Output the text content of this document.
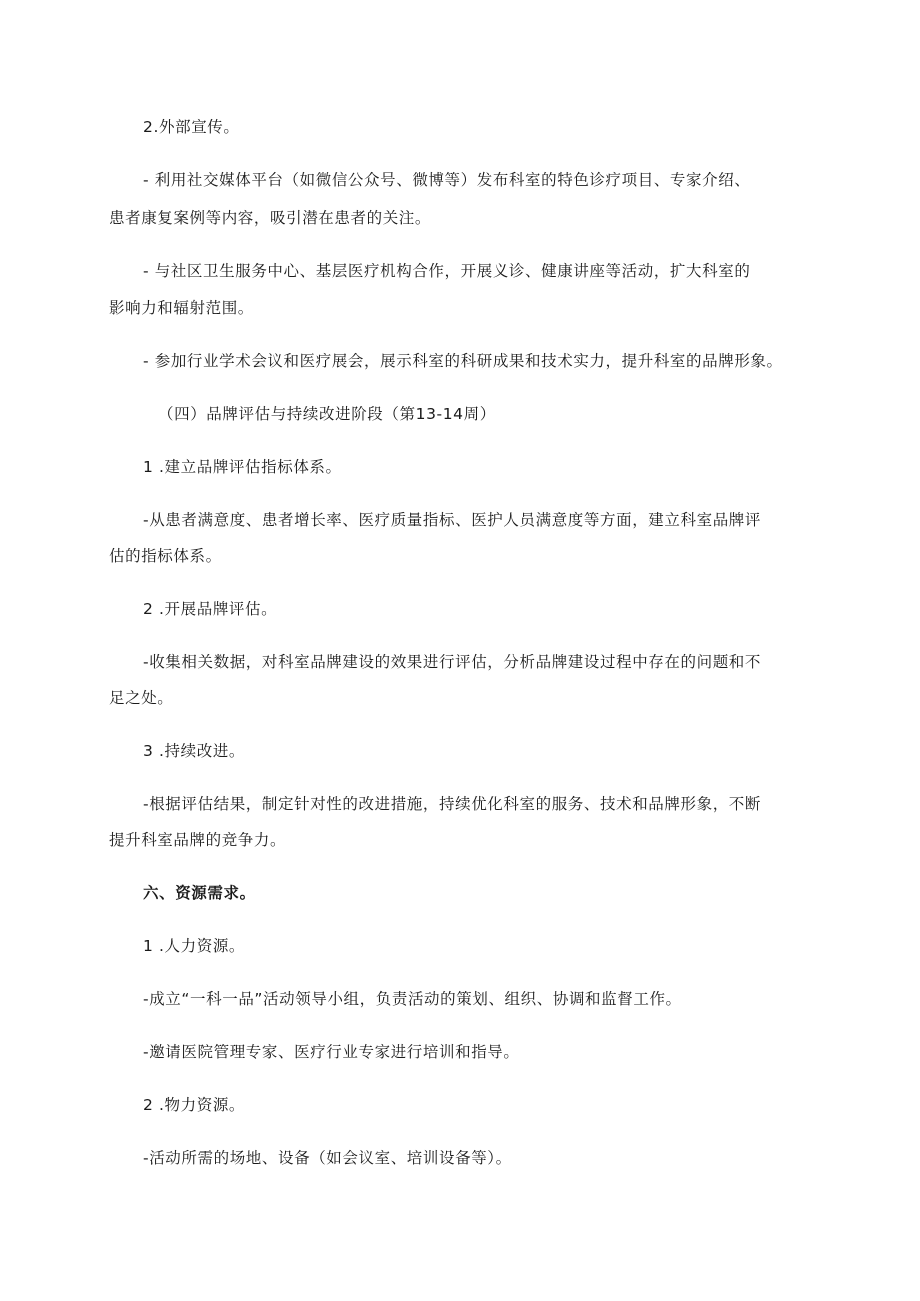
2.外部宣传。
- 利用社交媒体平台（如微信公众号、微博等）发布科室的特色诊疗项目、专家介绍、
患者康复案例等内容，吸引潜在患者的关注。
- 与社区卫生服务中心、基层医疗机构合作，开展义诊、健康讲座等活动，扩大科室的
影响力和辐射范围。
- 参加行业学术会议和医疗展会，展示科室的科研成果和技术实力，提升科室的品牌形象。
（四）品牌评估与持续改进阶段（第13-14周）
1 .建立品牌评估指标体系。
-从患者满意度、患者增长率、医疗质量指标、医护人员满意度等方面，建立科室品牌评
估的指标体系。
2 .开展品牌评估。
-收集相关数据，对科室品牌建设的效果进行评估，分析品牌建设过程中存在的问题和不
足之处。
3 .持续改进。
-根据评估结果，制定针对性的改进措施，持续优化科室的服务、技术和品牌形象，不断
提升科室品牌的竞争力。
六、资源需求。
1 .人力资源。
-成立“一科一品”活动领导小组，负责活动的策划、组织、协调和监督工作。
-邀请医院管理专家、医疗行业专家进行培训和指导。
2 .物力资源。
-活动所需的场地、设备（如会议室、培训设备等）。
